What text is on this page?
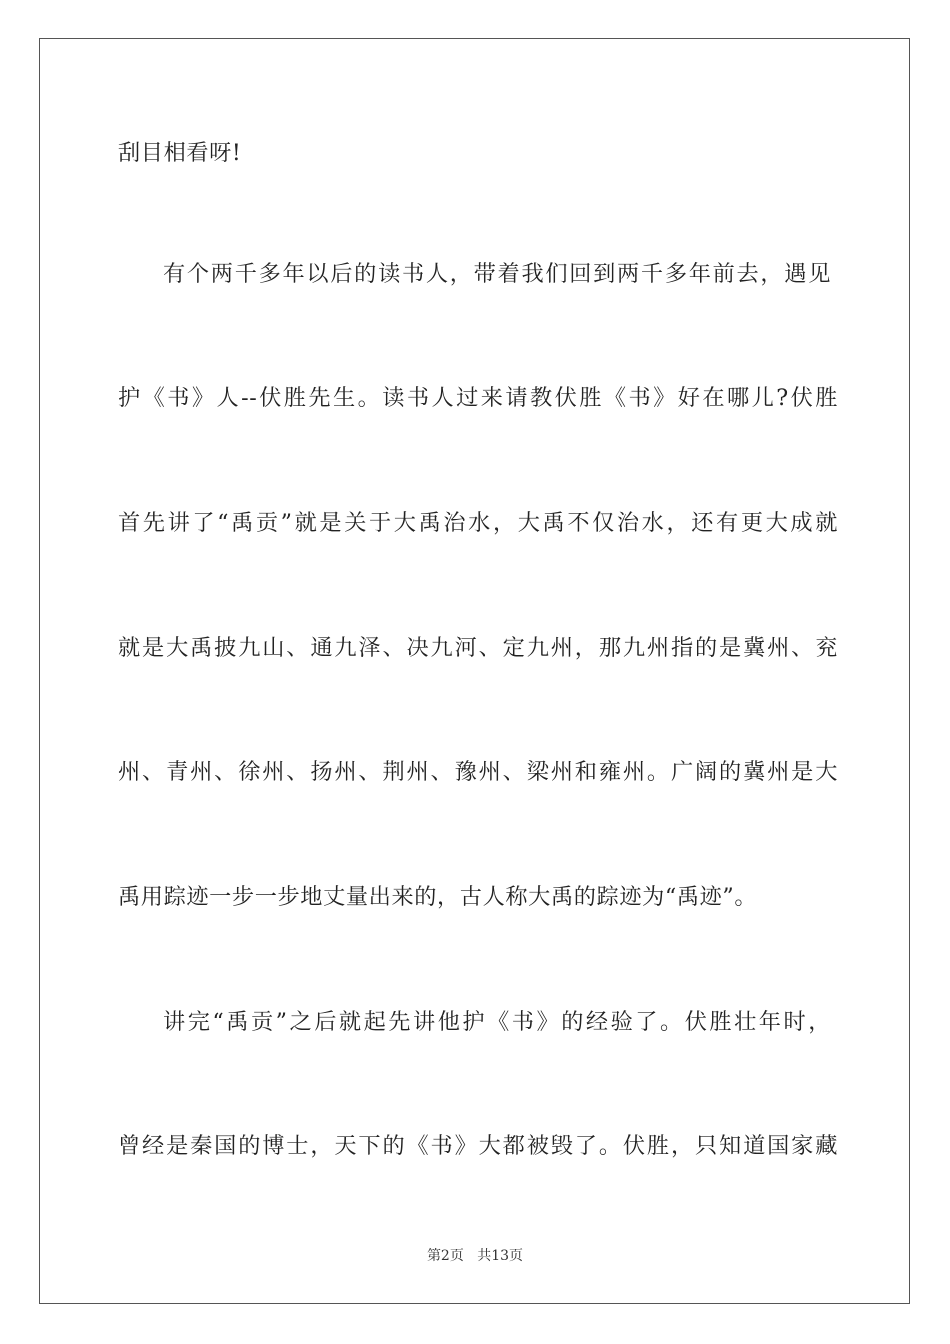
刮目相看呀!
有个两千多年以后的读书人，带着我们回到两千多年前去，遇见
护《书》人--伏胜先生。读书人过来请教伏胜《书》好在哪儿?伏胜
首先讲了“禹贡”就是关于大禹治水，大禹不仅治水，还有更大成就
就是大禹披九山、通九泽、决九河、定九州，那九州指的是冀州、兖
州、青州、徐州、扬州、荆州、豫州、梁州和雍州。广阔的冀州是大
禹用踪迹一步一步地丈量出来的，古人称大禹的踪迹为“禹迹”。
讲完“禹贡”之后就起先讲他护《书》的经验了。伏胜壮年时，
曾经是秦国的博士，天下的《书》大都被毁了。伏胜，只知道国家藏
第2页 共13页
